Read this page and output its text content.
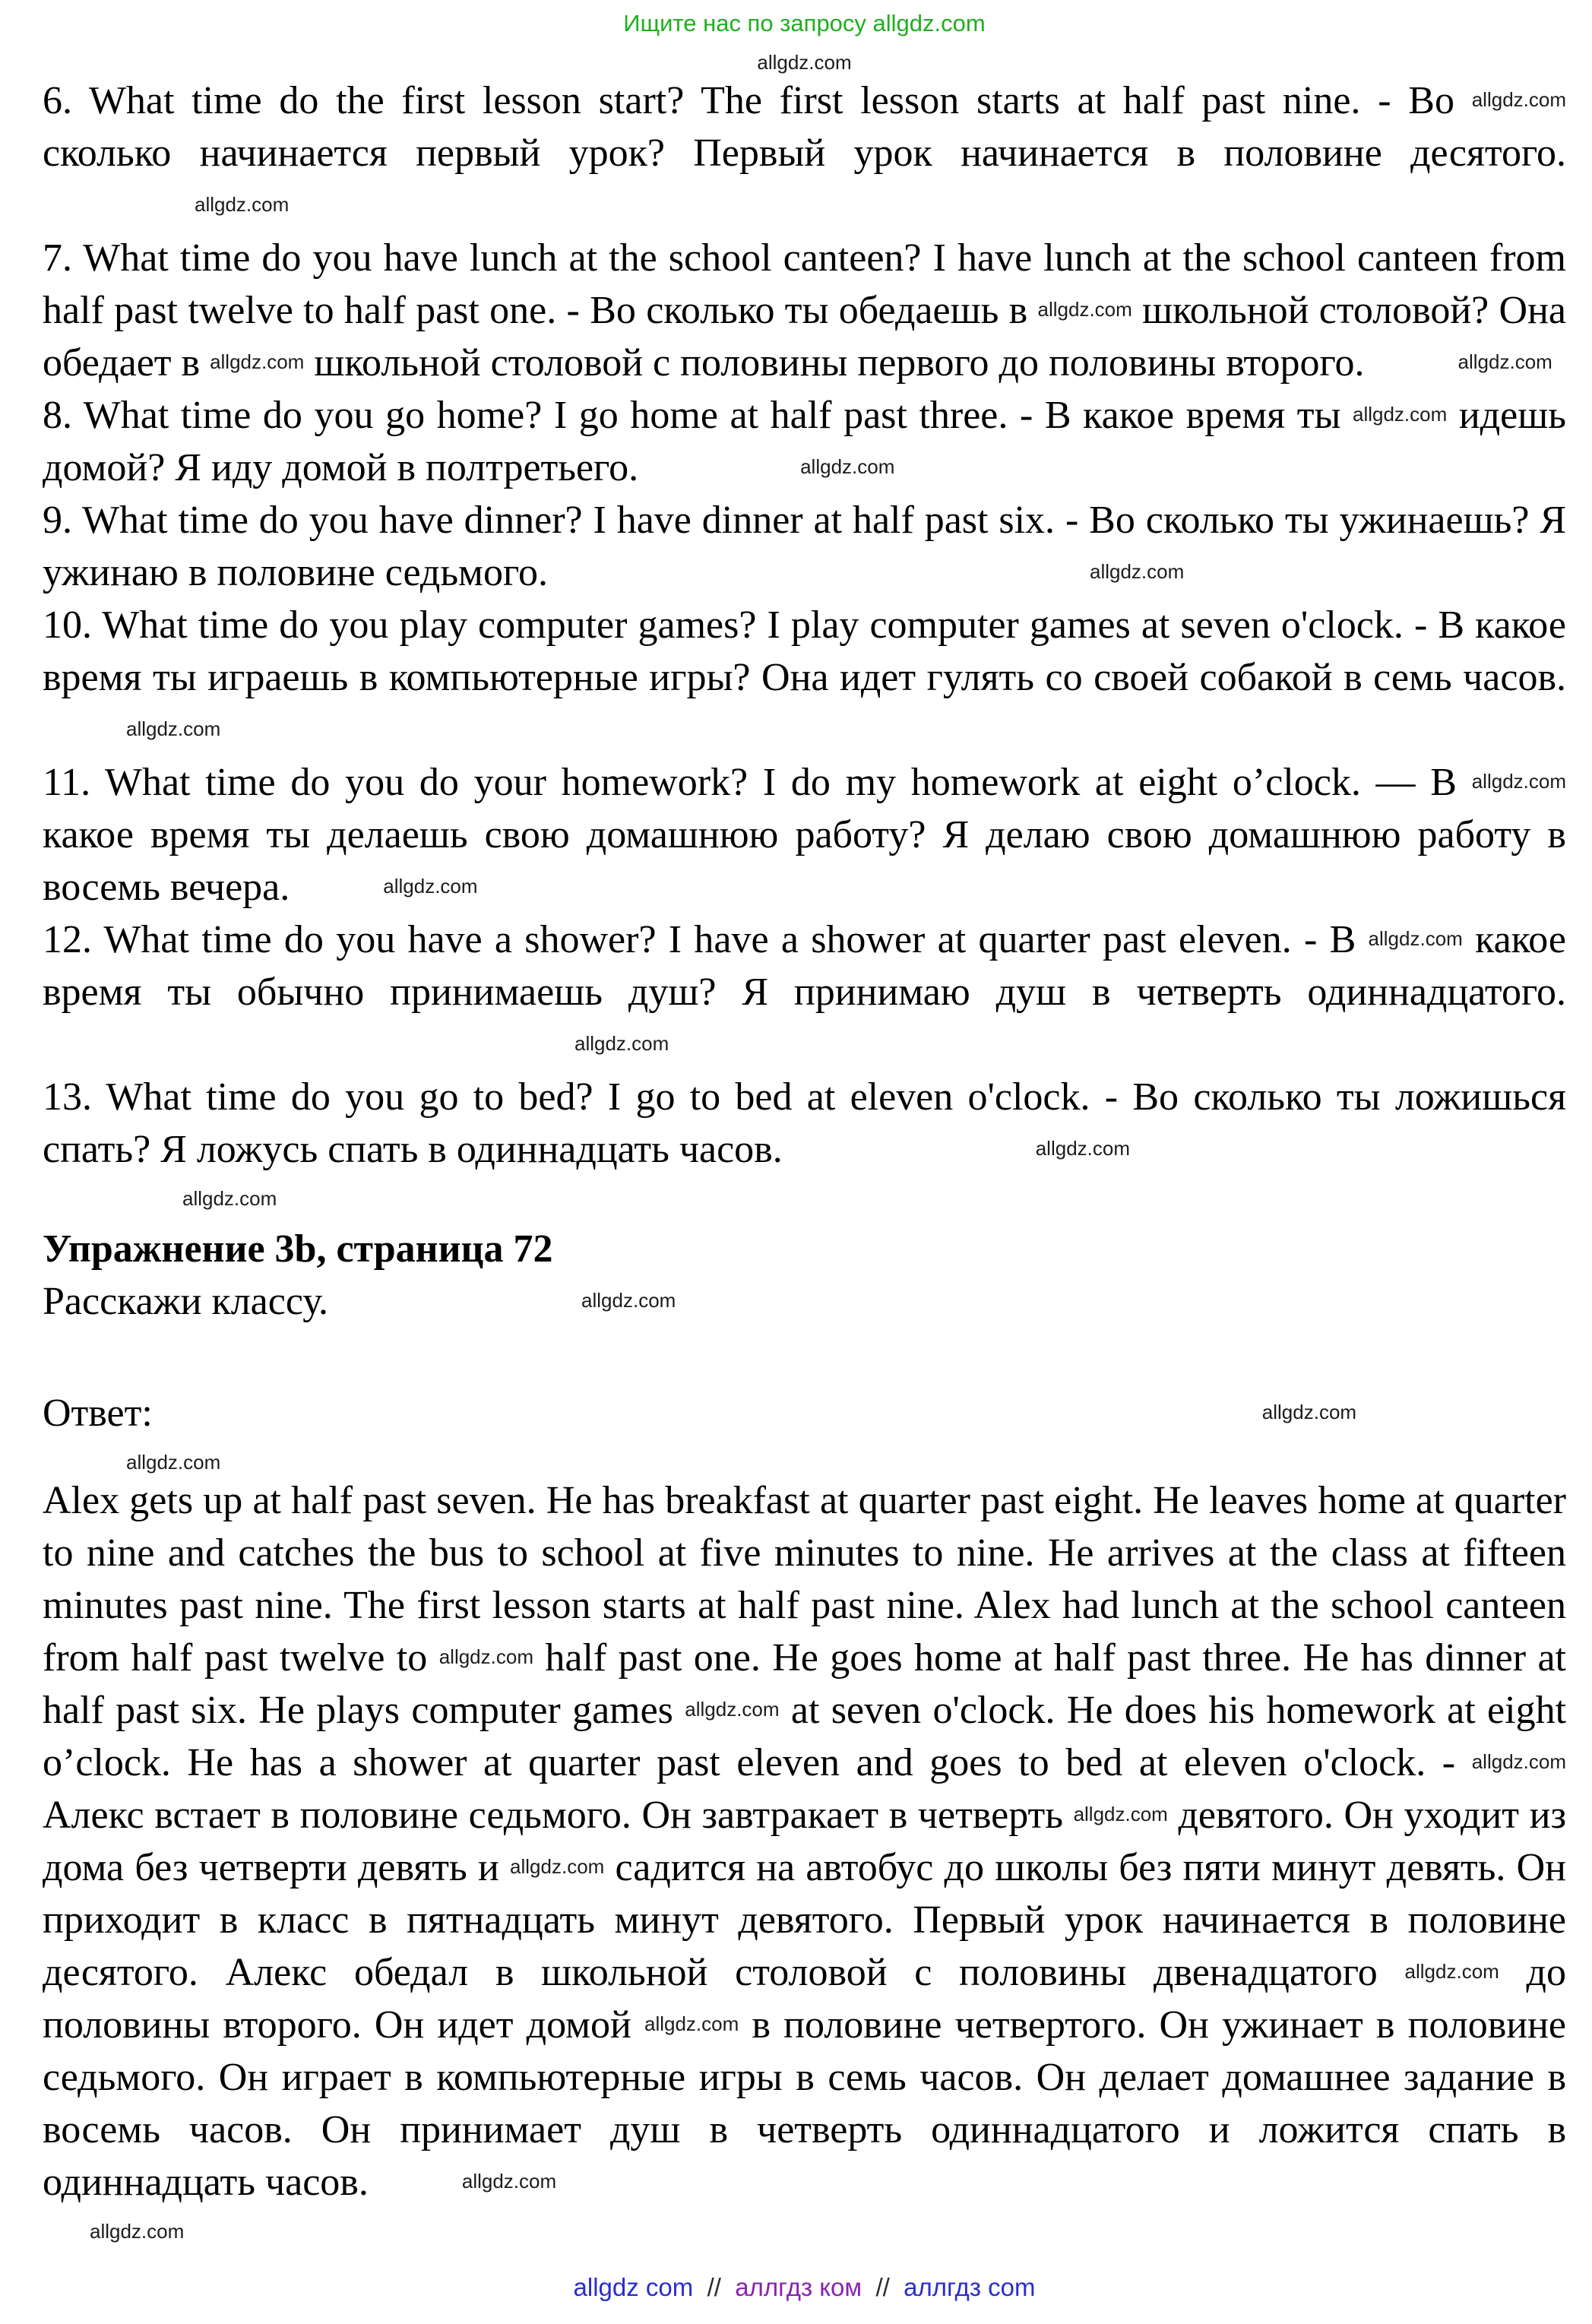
Ищите нас по запросу allgdz.com
allgdz.com

6. What time do the first lesson start? The first lesson starts at half past nine. - Во allgdz.com сколько начинается первый урок? Первый урок начинается в половине десятого. allgdz.com

7. What time do you have lunch at the school canteen? I have lunch at the school canteen from half past twelve to half past one. - Во сколько ты обедаешь в allgdz.com школьной столовой? Она обедает в allgdz.com школьной столовой с половины первого до половины второго.	allgdz.com

8. What time do you go home? I go home at half past three. - В какое время ты allgdz.com идешь домой? Я иду домой в полтретьего.	allgdz.com

9. What time do you have dinner? I have dinner at half past six. - Во сколько ты ужинаешь? Я ужинаю в половине седьмого.	allgdz.com

10. What time do you play computer games? I play computer games at seven o'clock. - В какое время ты играешь в компьютерные игры? Она идет гулять со своей собакой в семь часов. allgdz.com

11. What time do you do your homework? I do my homework at eight o’clock. — В allgdz.com какое время ты делаешь свою домашнюю работу? Я делаю свою домашнюю работу в восемь вечера.	allgdz.com

12. What time do you have a shower? I have a shower at quarter past eleven. - В allgdz.com какое время ты обычно принимаешь душ? Я принимаю душ в четверть одиннадцатого. allgdz.com

13. What time do you go to bed? I go to bed at eleven o'clock. - Во сколько ты ложишься спать? Я ложусь спать в одиннадцать часов.	allgdz.com

allgdz.com

Упражнение 3b, страница 72

Расскажи классу.	allgdz.com

Ответ:	allgdz.com

allgdz.com

Alex gets up at half past seven. He has breakfast at quarter past eight. He leaves home at quarter to nine and catches the bus to school at five minutes to nine. He arrives at the class at fifteen minutes past nine. The first lesson starts at half past nine. Alex had lunch at the school canteen from half past twelve to allgdz.com half past one. He goes home at half past three. He has dinner at half past six. He plays computer games allgdz.com at seven o'clock. He does his homework at eight o’clock. He has a shower at quarter past eleven and goes to bed at eleven o'clock. - allgdz.com Алекс встает в половине седьмого. Он завтракает в четверть allgdz.com девятого. Он уходит из дома без четверти девять и allgdz.com садится на автобус до школы без пяти минут девять. Он приходит в класс в пятнадцать минут девятого. Первый урок начинается в половине десятого. Алекс обедал в школьной столовой с половины двенадцатого allgdz.com до половины второго. Он идет домой allgdz.com в половине четвертого. Он ужинает в половине седьмого. Он играет в компьютерные игры в семь часов. Он делает домашнее задание в восемь часов. Он принимает душ в четверть одиннадцатого и ложится спать в одиннадцать часов.	allgdz.com

allgdz.com
allgdz com // аллгдз ком // аллгдз com
